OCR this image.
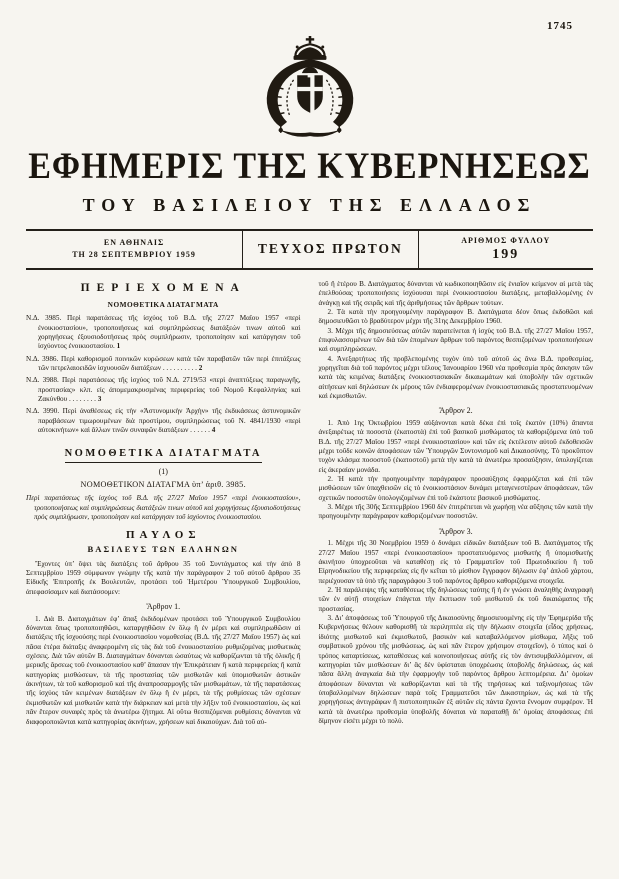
1745
ΕΦΗΜΕΡΙΣ ΤΗΣ ΚΥΒΕΡΝΗΣΕΩΣ
ΤΟΥ ΒΑΣΙΛΕΙΟΥ ΤΗΣ ΕΛΛΑΔΟΣ
ΕΝ ΑΘΗΝΑΙΣ
ΤΗ 28 ΣΕΠΤΕΜΒΡΙΟΥ 1959	ΤΕΥΧΟΣ ΠΡΩΤΟΝ
ΑΡΙΘΜΟΣ ΦΥΛΛΟΥ
199
ΠΕΡΙΕΧΟΜΕΝΑ
ΝΟΜΟΘΕΤΙΚΑ ΔΙΑΤΑΓΜΑΤΑ

Ν.Δ. 3985. Περὶ παρατάσεως τῆς ἰσχύος τοῦ Β.Δ. τῆς 27/27 Μαΐου 1957 «περὶ ἐνοικιοστασίου», τροποποιήσεως καὶ συμπληρώσεως διατάξεών τινων αὐτοῦ καὶ χορηγήσεως ἐξουσιοδοτήσεως πρὸς συμπλήρωσιν, τροποποίησιν καὶ κατάργησιν τοῦ ἰσχύοντος ἐνοικιοστασίου. 1

Ν.Δ. 3986. Περὶ καθορισμοῦ ποινικῶν κυρώσεων κατὰ τῶν παραβατῶν τῶν περὶ ἐπιτάξεως τῶν πετρελαιοειδῶν ἰσχυουσῶν διατάξεων . . . . . . . . . . 2

Ν.Δ. 3988. Περὶ παρατάσεως τῆς ἰσχύος τοῦ Ν.Δ. 2719/53 «περὶ ἀναπτύξεως παραγωγῆς, προστασίας» κλπ. εἰς ἀπομεμακρυσμένας περιφερείας τοῦ Νομοῦ Κεφαλληνίας καὶ Ζακύνθου . . . . . . . . 3

Ν.Δ. 3990. Περὶ ἀναθέσεως εἰς τὴν «Ἀστυνομικὴν Ἀρχὴν» τῆς ἐκδικάσεως ἀστυνομικῶν παραβάσεων τιμωρουμένων διὰ προστίμου, συμπληρώσεως τοῦ Ν. 4841/1930 «περὶ αὐτοκινήτων» καὶ ἄλλων τινῶν συναφῶν διατάξεων . . . . . . 4

ΝΟΜΟΘΕΤΙΚΑ ΔΙΑΤΑΓΜΑΤΑ
(1)
ΝΟΜΟΘΕΤΙΚΟΝ ΔΙΑΤΑΓΜΑ ὑπ’ ἀριθ. 3985.

Περὶ παρατάσεως τῆς ἰσχύος τοῦ Β.Δ. τῆς 27/27 Μαΐου 1957 «περὶ ἐνοικιοστασίου», τροποποιήσεως καὶ συμπληρώσεως διατάξεών τινων αὐτοῦ καὶ χορηγήσεως ἐξουσιοδοτήσεως πρὸς συμπλήρωσιν, τροποποίησιν καὶ κατάργησιν τοῦ ἰσχύοντος ἐνοικιοστασίου.

ΠΑΥΛΟΣ
ΒΑΣΙΛΕΥΣ ΤΩΝ ΕΛΛΗΝΩΝ

Ἔχοντες ὑπ’ ὄψει τὰς διατάξεις τοῦ ἄρθρου 35 τοῦ Συντάγματος καὶ τὴν ἀπὸ 8 Σεπτεμβρίου 1959 σύμφωνον γνώμην τῆς κατὰ τὴν παράγραφον 2 τοῦ αὐτοῦ ἄρθρου 35 Εἰδικῆς Ἐπιτροπῆς ἐκ Βουλευτῶν, προτάσει τοῦ Ἡμετέρου Ὑπουργικοῦ Συμβουλίου, ἀπεφασίσαμεν καὶ διατάσσομεν:

Ἄρθρον 1.

1. Διὰ Β. Διαταγμάτων ἐφ’ ἅπαξ ἐκδιδομένων προτάσει τοῦ Ὑπουργικοῦ Συμβουλίου δύνανται ὅπως τροποποιηθῶσι, καταργηθῶσιν ἐν ὅλῳ ἢ ἐν μέρει καὶ συμπληρωθῶσιν αἱ διατάξεις τῆς ἰσχυούσης περὶ ἐνοικιοστασίου νομοθεσίας (Β.Δ. τῆς 27/27 Μαΐου 1957) ὡς καὶ πᾶσα ἑτέρα διάταξις ἀναφερομένη εἰς τὰς διὰ τοῦ ἐνοικιοστασίου ρυθμιζομένας μισθωτικὰς σχέσεις. Διὰ τῶν αὐτῶν Β. Διαταγμάτων δύνανται ὡσαύτως νὰ καθορίζωνται τὰ τῆς ὁλικῆς ἢ μερικῆς ἄρσεως τοῦ ἐνοικιοστασίου καθ’ ἅπασαν τὴν Ἐπικράτειαν ἢ κατὰ περιφερείας ἢ κατὰ κατηγορίας μισθώσεων, τὰ τῆς προστασίας τῶν μισθωτῶν καὶ ὑπομισθωτῶν ἀστικῶν ἀκινήτων, τὰ τοῦ καθορισμοῦ καὶ τῆς ἀναπροσαρμογῆς τῶν μισθωμάτων, τὰ τῆς παρατάσεως τῆς ἰσχύος τῶν κειμένων διατάξεων ἐν ὅλῳ ἢ ἐν μέρει, τὰ τῆς ρυθμίσεως τῶν σχέσεων ἐκμισθωτῶν καὶ μισθωτῶν κατὰ τὴν διάρκειαν καὶ μετὰ τὴν λῆξιν τοῦ ἐνοικιοστασίου, ὡς καὶ πᾶν ἕτερον συναφὲς πρὸς τὰ ἀνωτέρω ζήτημα. Αἱ οὕτω θεσπιζόμεναι ρυθμίσεις δύνανται νὰ διαφοροποιῶνται κατὰ κατηγορίας ἀκινήτων, χρήσεων καὶ δικαιούχων. Διὰ τοῦ αὐ-

τοῦ ἢ ἑτέρου Β. Διατάγματος δύνανται νὰ κωδικοποιηθῶσιν εἰς ἑνιαῖον κείμενον αἱ μετὰ τὰς ἐπελθούσας τροποποιήσεις ἰσχύουσαι περὶ ἐνοικιοστασίου διατάξεις, μεταβαλλομένης ἐν ἀνάγκῃ καὶ τῆς σειρᾶς καὶ τῆς ἀριθμήσεως τῶν ἄρθρων τούτων.

2. Τὰ κατὰ τὴν προηγουμένην παράγραφον Β. Διατάγματα δέον ὅπως ἐκδοθῶσι καὶ δημοσιευθῶσι τὸ βραδύτερον μέχρι τῆς 31ης Δεκεμβρίου 1960.

3. Μέχρι τῆς δημοσιεύσεως αὐτῶν παρατείνεται ἡ ἰσχὺς τοῦ Β.Δ. τῆς 27/27 Μαΐου 1957, ἐπιφυλασσομένων τῶν διὰ τῶν ἑπομένων ἄρθρων τοῦ παρόντος θεσπιζομένων τροποποιήσεων καὶ συμπληρώσεων.

4. Ἀνεξαρτήτως τῆς προβλεπομένης τυχὸν ὑπὸ τοῦ αὐτοῦ ὡς ἄνω Β.Δ. προθεσμίας, χορηγεῖται διὰ τοῦ παρόντος μέχρι τέλους Ἰανουαρίου 1960 νέα προθεσμία πρὸς ἄσκησιν τῶν κατὰ τὰς κειμένας διατάξεις ἐνοικιοστασιακῶν δικαιωμάτων καὶ ὑποβολὴν τῶν σχετικῶν αἰτήσεων καὶ δηλώσεων ἐκ μέρους τῶν ἐνδιαφερομένων ἐνοικιοστασιακῶς προστατευομένων καὶ ἐκμισθωτῶν.

Ἄρθρον 2.

1. Ἀπὸ 1ης Ὀκτωβρίου 1959 αὐξάνονται κατὰ δέκα ἐπὶ τοῖς ἑκατὸν (10%) ἅπαντα ἀνεξαιρέτως τὰ ποσοστὰ (ἑκατοστὰ) ἐπὶ τοῦ βασικοῦ μισθώματος τὰ καθοριζόμενα ὑπὸ τοῦ Β.Δ. τῆς 27/27 Μαΐου 1957 «περὶ ἐνοικιοστασίου» καὶ τῶν εἰς ἐκτέλεσιν αὐτοῦ ἐκδοθεισῶν μέχρι τοῦδε κοινῶν ἀποφάσεων τῶν Ὑπουργῶν Συντονισμοῦ καὶ Δικαιοσύνης. Τὸ προκῦπτον τυχὸν κλάσμα ποσοστοῦ (ἑκατοστοῦ) μετὰ τὴν κατὰ τὰ ἀνωτέρω προσαύξησιν, ὑπολογίζεται εἰς ἀκεραίαν μονάδα.

2. Ἡ κατὰ τὴν προηγουμένην παράγραφον προσαύξησις ἐφαρμόζεται καὶ ἐπὶ τῶν μισθώσεων τῶν ὑπαχθεισῶν εἰς τὸ ἐνοικιοστάσιον δυνάμει μεταγενεστέρων ἀποφάσεων, τῶν σχετικῶν ποσοστῶν ὑπολογιζομένων ἐπὶ τοῦ ἑκάστοτε βασικοῦ μισθώματος.

3. Μέχρι τῆς 30ῆς Σεπτεμβρίου 1960 δὲν ἐπιτρέπεται νὰ χωρήσῃ νέα αὔξησις τῶν κατὰ τὴν προηγουμένην παράγραφον καθοριζομένων ποσοστῶν.

Ἄρθρον 3.

1. Μέχρι τῆς 30 Νοεμβρίου 1959 ὁ δυνάμει εἰδικῶν διατάξεων τοῦ Β. Διατάγματος τῆς 27/27 Μαΐου 1957 «περὶ ἐνοικιοστασίου» προστατευόμενος μισθωτὴς ἢ ὑπομισθωτὴς ἀκινήτου ὑποχρεοῦται νὰ καταθέσῃ εἰς τὸ Γραμματεῖον τοῦ Πρωτοδικείου ἢ τοῦ Εἰρηνοδικείου τῆς περιφερείας εἰς ἣν κεῖται τὸ μίσθιον ἔγγραφον δήλωσιν ἐφ’ ἁπλοῦ χάρτου, περιέχουσαν τὰ ὑπὸ τῆς παραγράφου 3 τοῦ παρόντος ἄρθρου καθοριζόμενα στοιχεῖα.

2. Ἡ παράλειψις τῆς καταθέσεως τῆς δηλώσεως ταύτης ἢ ἡ ἐν γνώσει ἀναληθὴς ἀναγραφὴ τῶν ἐν αὐτῇ στοιχείων ἐπάγεται τὴν ἔκπτωσιν τοῦ μισθωτοῦ ἐκ τοῦ δικαιώματος τῆς προστασίας.

3. Δι’ ἀποφάσεως τοῦ Ὑπουργοῦ τῆς Δικαιοσύνης δημοσιευομένης εἰς τὴν Ἐφημερίδα τῆς Κυβερνήσεως θέλουν καθορισθῆ τὰ περιληπτέα εἰς τὴν δήλωσιν στοιχεῖα (εἶδος χρήσεως, ἰδιότης μισθωτοῦ καὶ ἐκμισθωτοῦ, βασικὸν καὶ καταβαλλόμενον μίσθωμα, λῆξις τοῦ συμβατικοῦ χρόνου τῆς μισθώσεως, ὡς καὶ πᾶν ἕτερον χρήσιμον στοιχεῖον), ὁ τύπος καὶ ὁ τρόπος καταρτίσεως, καταθέσεως καὶ κοινοποιήσεως αὐτῆς εἰς τὸν ἀντισυμβαλλόμενον, αἱ κατηγορίαι τῶν μισθώσεων δι’ ἃς δὲν ὑφίσταται ὑποχρέωσις ὑποβολῆς δηλώσεως, ὡς καὶ πᾶσα ἄλλη ἀναγκαία διὰ τὴν ἐφαρμογὴν τοῦ παρόντος ἄρθρου λεπτομέρεια. Δι’ ὁμοίων ἀποφάσεων δύνανται νὰ καθορίζωνται καὶ τὰ τῆς τηρήσεως καὶ ταξινομήσεως τῶν ὑποβαλλομένων δηλώσεων παρὰ τοῖς Γραμματεῦσι τῶν Δικαστηρίων, ὡς καὶ τὰ τῆς χορηγήσεως ἀντιγράφων ἢ πιστοποιητικῶν ἐξ αὐτῶν εἰς πάντα ἔχοντα ἔννομον συμφέρον. Ἡ κατὰ τὰ ἀνωτέρω προθεσμία ὑποβολῆς δύναται νὰ παραταθῇ δι’ ὁμοίας ἀποφάσεως ἐπὶ δίμηνον εἰσέτι μέχρι τὸ πολύ.
